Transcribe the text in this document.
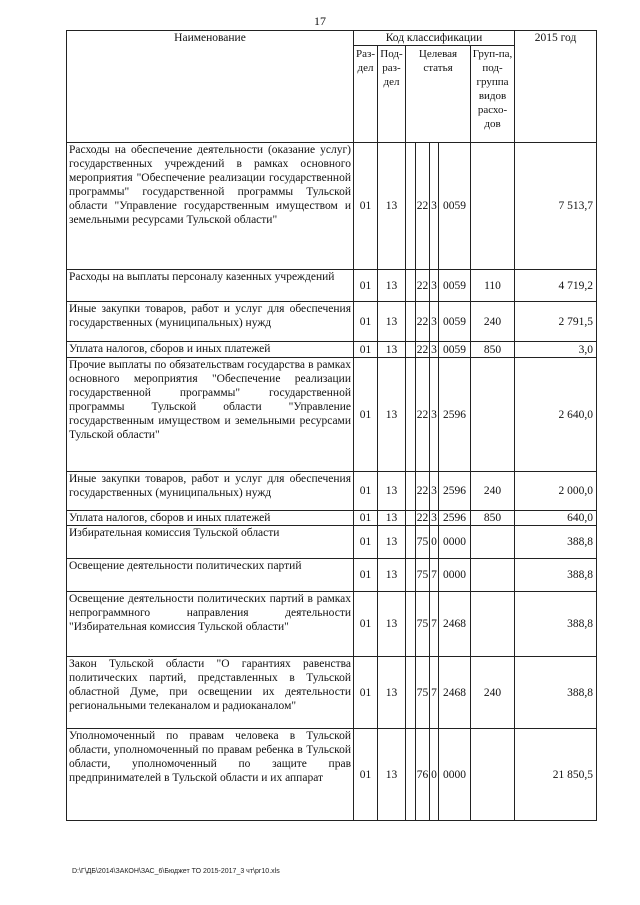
17
Наименование	Код классификации							2015 год
	Раз-дел	Под-раз-дел	Целевая статья				Груп-па, под-группа видов расхо-дов	
Расходы на обеспечение деятельности (оказание услуг) государственных учреждений в рамках основного мероприятия "Обеспечение реализации государственной программы" государственной программы Тульской области "Управление государственным имуществом и земельными ресурсами Тульской области"	01	13		22	3	0059		7 513,7
Расходы на выплаты персоналу казенных учреждений	01	13		22	3	0059	110	4 719,2
Иные закупки товаров, работ и услуг для обеспечения государственных (муниципальных) нужд	01	13		22	3	0059	240	2 791,5
Уплата налогов, сборов и иных платежей	01	13		22	3	0059	850	3,0
Прочие выплаты по обязательствам государства в рамках основного мероприятия "Обеспечение реализации государственной программы" государственной программы Тульской области "Управление государственным имуществом и земельными ресурсами Тульской области"	01	13		22	3	2596		2 640,0
Иные закупки товаров, работ и услуг для обеспечения государственных (муниципальных) нужд	01	13		22	3	2596	240	2 000,0
Уплата налогов, сборов и иных платежей	01	13		22	3	2596	850	640,0
Избирательная комиссия Тульской области	01	13		75	0	0000		388,8
Освещение деятельности политических партий	01	13		75	7	0000		388,8
Освещение деятельности политических партий в рамках непрограммного направления деятельности "Избирательная комиссия Тульской области"	01	13		75	7	2468		388,8
Закон Тульской области "О гарантиях равенства политических партий, представленных в Тульской областной Думе, при освещении их деятельности региональными телеканалом и радиоканалом"	01	13		75	7	2468	240	388,8
Уполномоченный по правам человека в Тульской области, уполномоченный по правам ребенка в Тульской области, уполномоченный по защите прав предпринимателей в Тульской области и их аппарат	01	13		76	0	0000		21 850,5
D:\Г\ДБ\2014\ЗАКОН\ЗАС_6\Бюджет ТО 2015-2017_3 чт\рг10.xls
